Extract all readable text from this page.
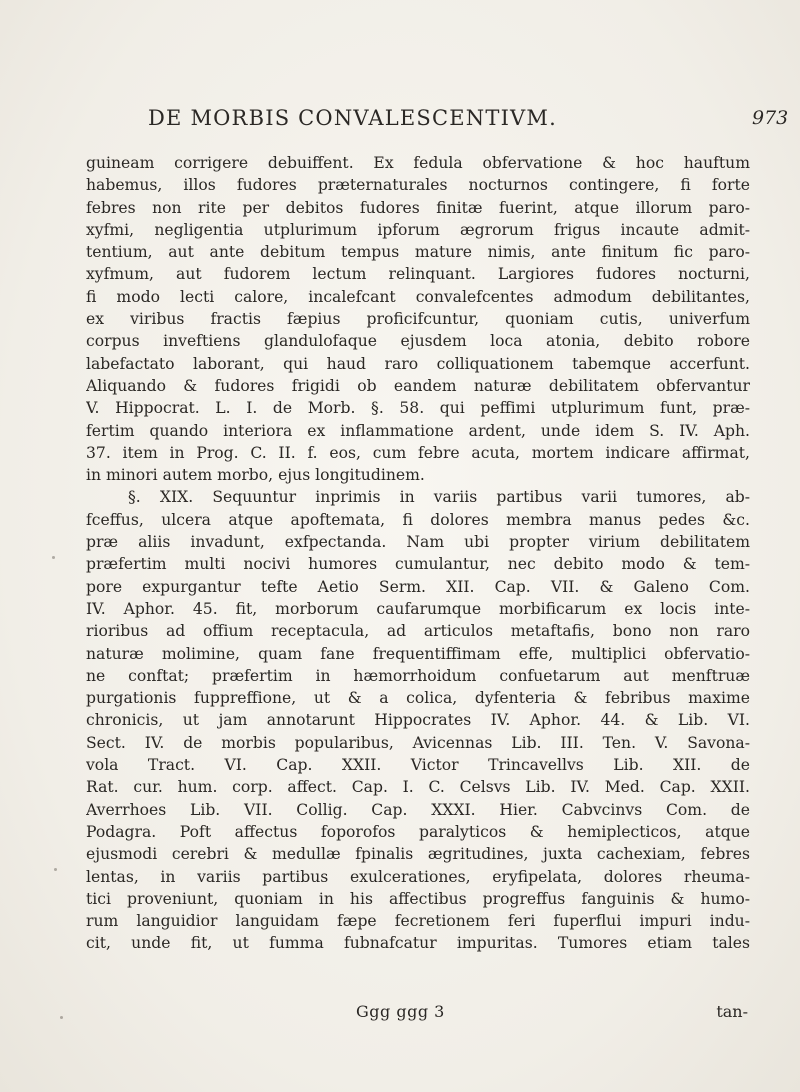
DE MORBIS CONVALESCENTIVM.	973
guineam corrigere debuiffent. Ex fedula obfervatione & hoc hauftum
habemus, illos fudores præternaturales nocturnos contingere, fi forte
febres non rite per debitos fudores finitæ fuerint, atque illorum paro-
xyfmi, negligentia utplurimum ipforum ægrorum frigus incaute admit-
tentium, aut ante debitum tempus mature nimis, ante finitum fic paro-
xyfmum, aut fudorem lectum relinquant. Largiores fudores nocturni,
fi modo lecti calore, incalefcant convalefcentes admodum debilitantes,
ex viribus fractis fæpius proficifcuntur, quoniam cutis, univerfum
corpus inveftiens glandulofaque ejusdem loca atonia, debito robore
labefactato laborant, qui haud raro colliquationem tabemque accerfunt.
Aliquando & fudores frigidi ob eandem naturæ debilitatem obfervantur
V. Hippocrat. L. I. de Morb. §. 58. qui peffimi utplurimum funt, præ-
fertim quando interiora ex inflammatione ardent, unde idem S. IV. Aph.
37. item in Prog. C. II. f. eos, cum febre acuta, mortem indicare affirmat,
in minori autem morbo, ejus longitudinem.
§. XIX. Sequuntur inprimis in variis partibus varii tumores, ab-
fceffus, ulcera atque apoftemata, fi dolores membra manus pedes &c.
præ aliis invadunt, exfpectanda. Nam ubi propter virium debilitatem
præfertim multi nocivi humores cumulantur, nec debito modo & tem-
pore expurgantur tefte Aetio Serm. XII. Cap. VII. & Galeno Com.
IV. Aphor. 45. fit, morborum caufarumque morbificarum ex locis inte-
rioribus ad offium receptacula, ad articulos metaftafis, bono non raro
naturæ molimine, quam fane frequentiffimam effe, multiplici obfervatio-
ne conftat; præfertim in hæmorrhoidum confuetarum aut menftruæ
purgationis fuppreffione, ut & a colica, dyfenteria & febribus maxime
chronicis, ut jam annotarunt Hippocrates IV. Aphor. 44. & Lib. VI.
Sect. IV. de morbis popularibus, Avicennas Lib. III. Ten. V. Savona-
vola Tract. VI. Cap. XXII. Victor Trincavellvs Lib. XII. de
Rat. cur. hum. corp. affect. Cap. I. C. Celsvs Lib. IV. Med. Cap. XXII.
Averrhoes Lib. VII. Collig. Cap. XXXI. Hier. Cabvcinvs Com. de
Podagra. Poft affectus foporofos paralyticos & hemiplecticos, atque
ejusmodi cerebri & medullæ fpinalis ægritudines, juxta cachexiam, febres
lentas, in variis partibus exulcerationes, eryfipelata, dolores rheuma-
tici proveniunt, quoniam in his affectibus progreffus fanguinis & humo-
rum languidior languidam fæpe fecretionem feri fuperflui impuri indu-
cit, unde fit, ut fumma fubnafcatur impuritas. Tumores etiam tales
Ggg ggg 3	tan-
